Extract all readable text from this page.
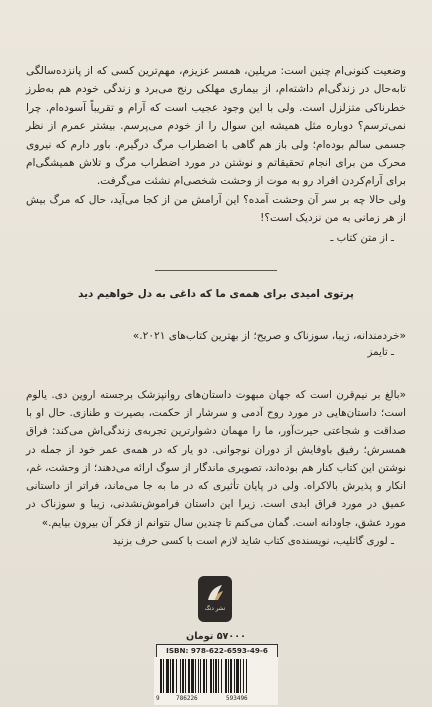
وضعیت کنونی‌ام چنین است: مریلین، همسر عزیزم، مهم‌ترین کسی که از پانزده‌سالگی تابه‌حال در زندگی‌ام داشته‌ام، از بیماری مهلکی رنج می‌برد و زندگی خودم هم به‌طرز خطرناکی متزلزل است. ولی با این وجود عجیب است که آرام و تقریباً آسوده‌ام. چرا نمی‌ترسم؟ دوباره مثل همیشه این سوال را از خودم می‌پرسم. بیشتر عمرم از نظر جسمی سالم بوده‌ام؛ ولی باز هم گاهی با اضطراب مرگ درگیرم. باور دارم که نیروی محرک من برای انجام تحقیقاتم و نوشتن در مورد اضطراب مرگ و تلاش همیشگی‌ام برای آرام‌کردن افراد رو به موت از وحشت شخصی‌ام نشئت می‌گرفت.

ولی حالا چه بر سر آن وحشت آمده؟ این آرامش من از کجا می‌آید، حال که مرگ بیش از هر زمانی به من نزدیک است؟!

ـ از متن کتاب ـ
پرتوی امیدی برای همه‌ی ما که داغی به دل خواهیم دید
«خردمندانه، زیبا، سوزناک و صریح؛ از بهترین کتاب‌های ۲۰۲۱.»
ـ تایمز
«بالغ بر نیم‌قرن است که جهان مبهوت داستان‌های روانپزشک برجسته اروین دی. یالوم است؛ داستان‌هایی در مورد روح آدمی و سرشار از حکمت، بصیرت و طنازی. حال او با صداقت و شجاعتی حیرت‌آور، ما را مهمان دشوارترین تجربه‌ی زندگی‌اش می‌کند: فراق همسرش؛ رفیق باوفایش از دوران نوجوانی. دو یار که در همه‌ی عمر خود از جمله در نوشتن این کتاب کنار هم بوده‌اند، تصویری ماندگار از سوگ ارائه می‌دهند؛ از وحشت، غم، انکار و پذیرش بالاکراه. ولی در پایان تأثیری که در ما به جا می‌ماند، فراتر از داستانی عمیق در مورد فراق ابدی است. زیرا این داستان فراموش‌نشدنی، زیبا و سوزناک در مورد عشق، جاودانه است. گمان می‌کنم تا چندین سال نتوانم از فکر آن بیرون بیایم.»
ـ لوری گاتلیب، نویسنده‌ی کتاب شاید لازم است با کسی حرف بزنید
نشر دنگ
۵۷۰۰۰ تومان
ISBN: 978-622-6593-49-6
9	786226	593496
